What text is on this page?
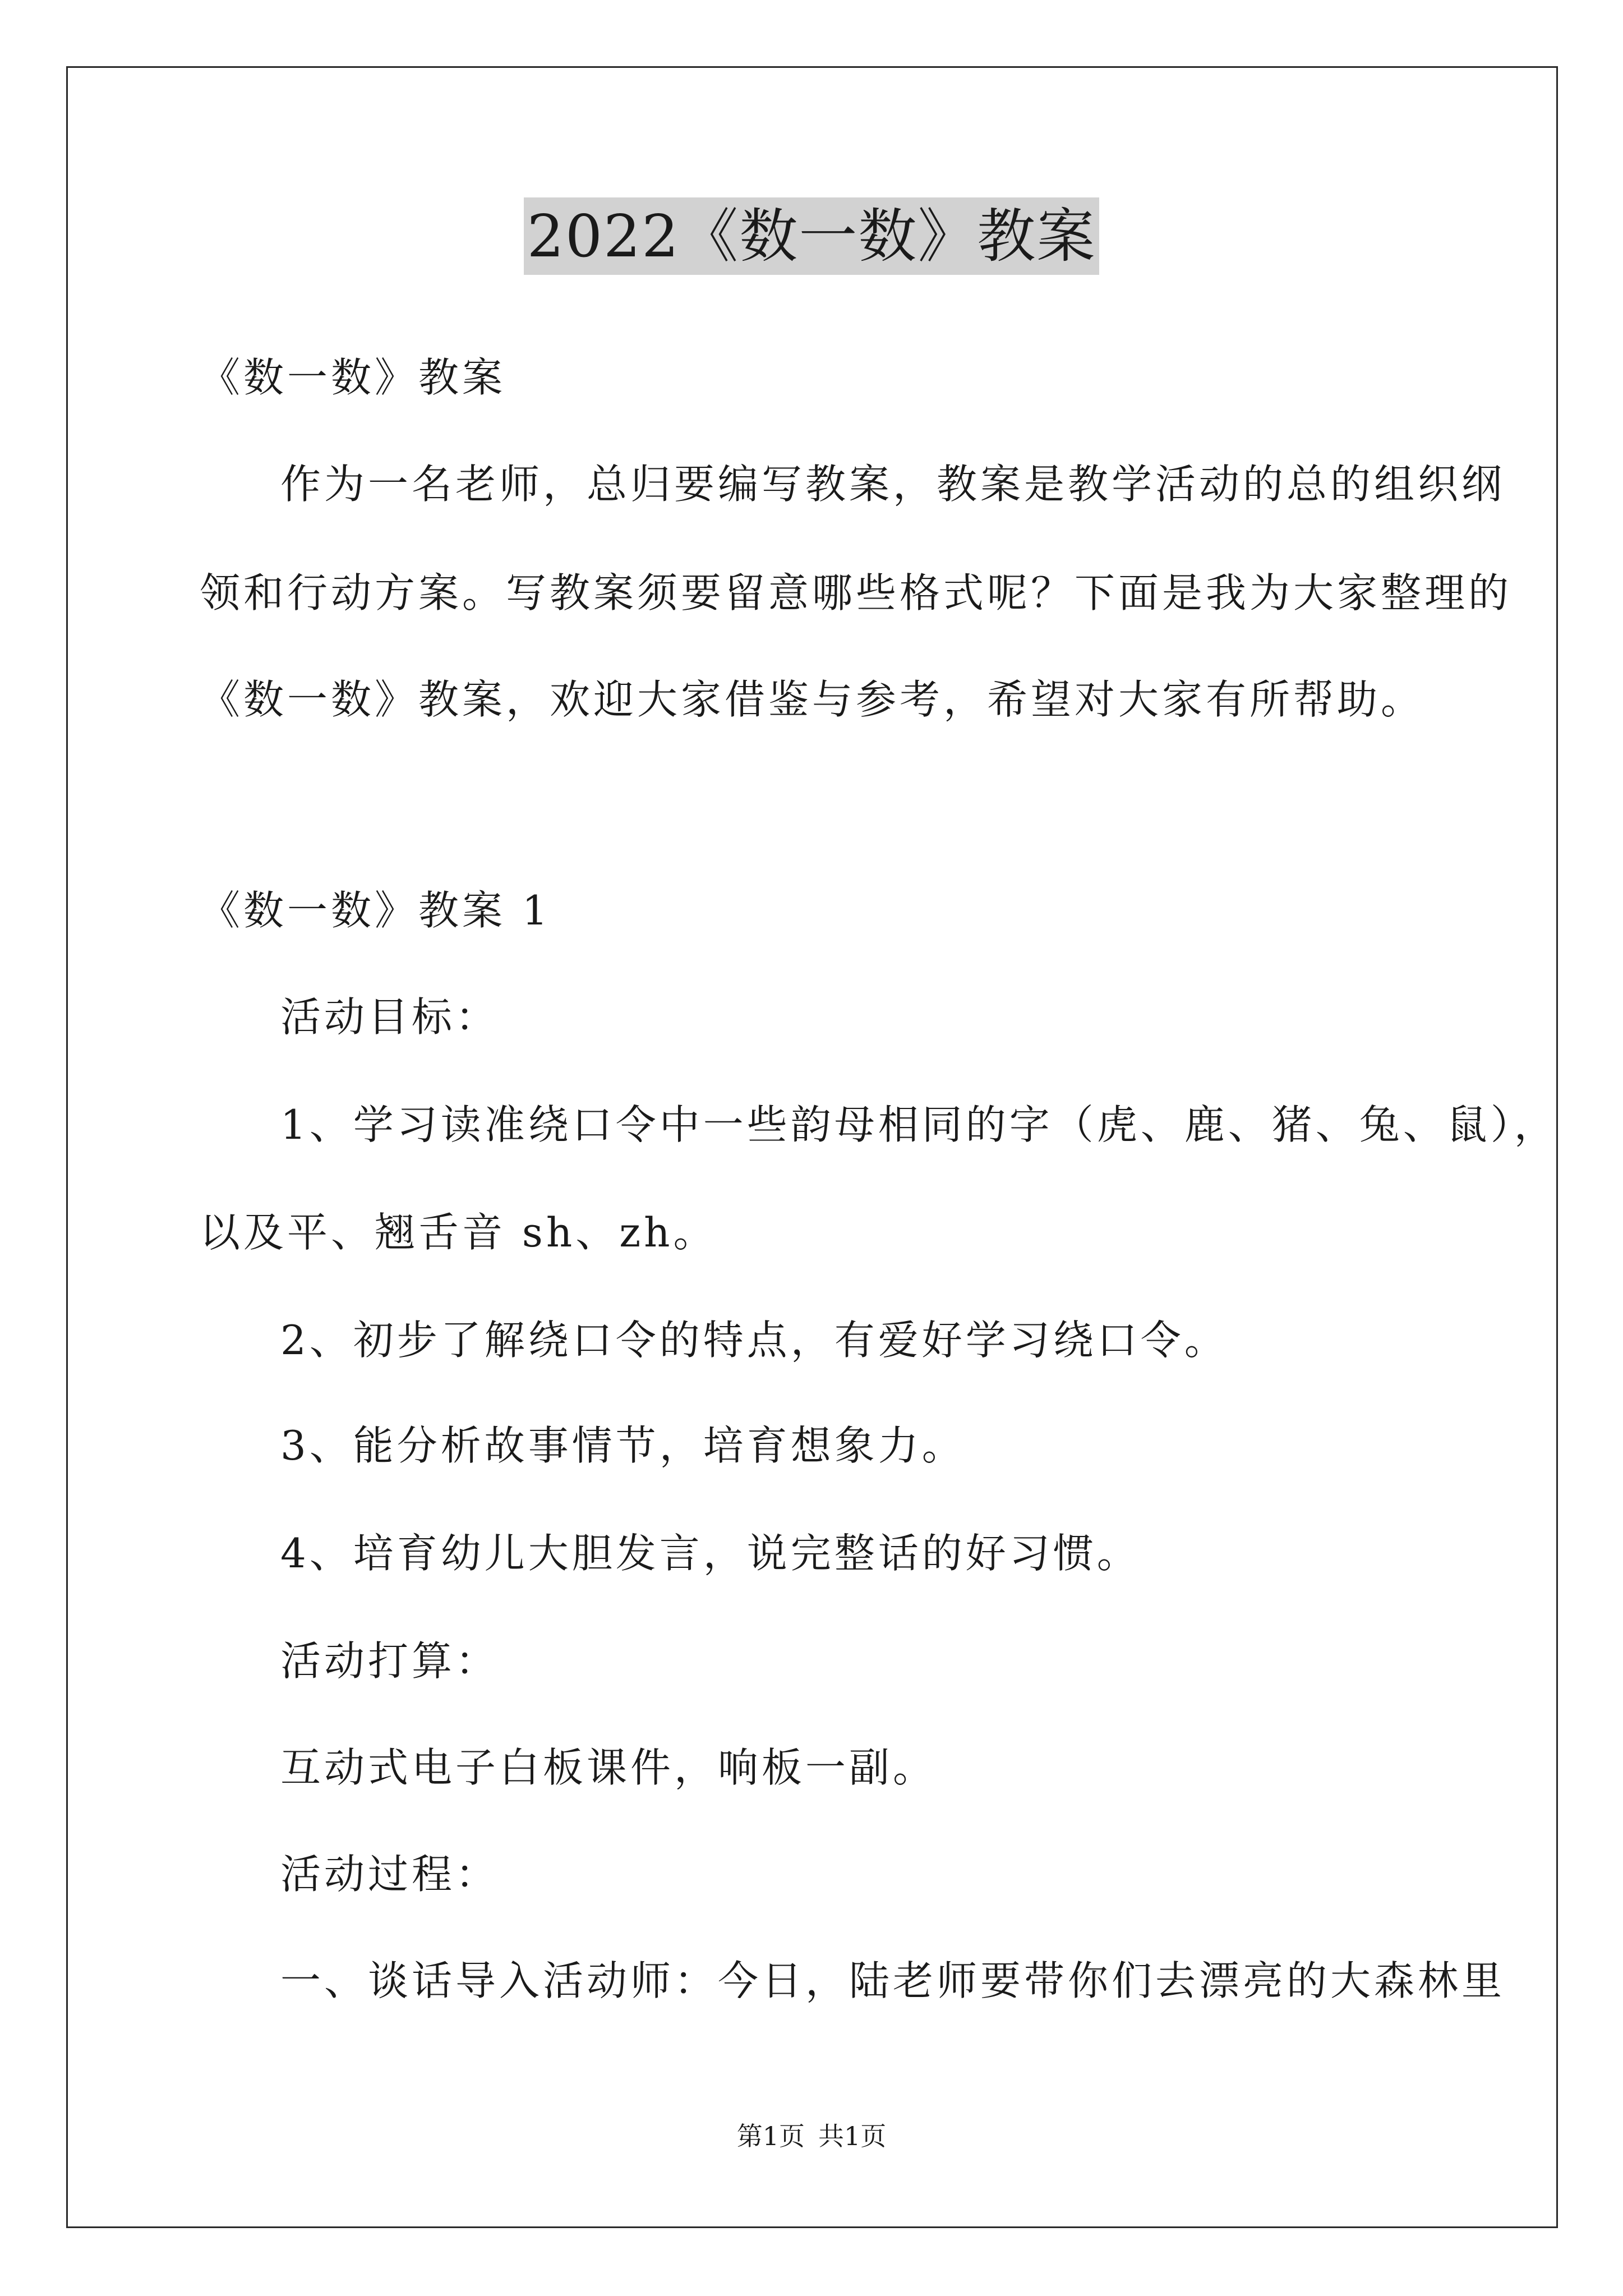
2022《数一数》教案
《数一数》教案
作为一名老师，总归要编写教案，教案是教学活动的总的组织纲
领和行动方案。写教案须要留意哪些格式呢？下面是我为大家整理的
《数一数》教案，欢迎大家借鉴与参考，希望对大家有所帮助。
《数一数》教案 1
活动目标：
1、学习读准绕口令中一些韵母相同的字（虎、鹿、猪、兔、鼠），
以及平、翘舌音 sh、zh。
2、初步了解绕口令的特点，有爱好学习绕口令。
3、能分析故事情节，培育想象力。
4、培育幼儿大胆发言，说完整话的好习惯。
活动打算：
互动式电子白板课件，响板一副。
活动过程：
一、谈话导入活动师：今日，陆老师要带你们去漂亮的大森林里
第1页 共1页
